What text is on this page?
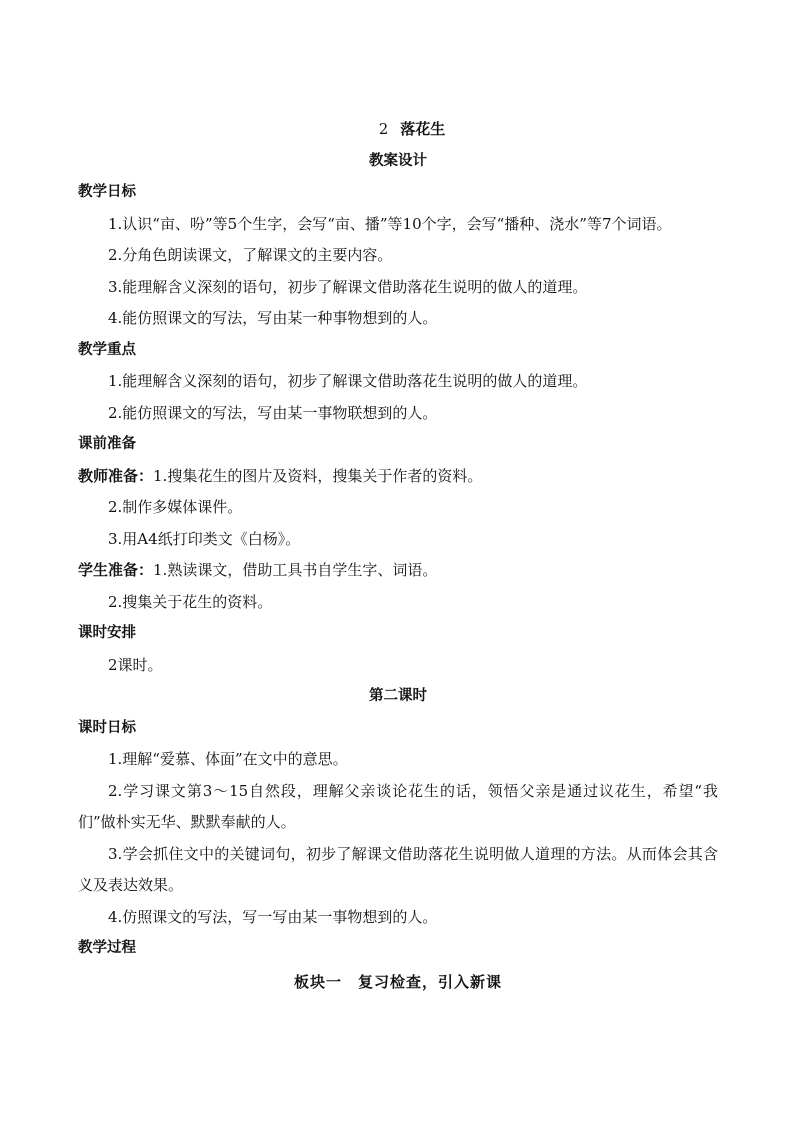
2 落花生
教案设计
教学日标
1.认识“亩、吩”等5个生字，会写“亩、播”等10个字，会写“播种、浇水”等7个词语。
2.分角色朗读课文，了解课文的主要内容。
3.能理解含义深刻的语句，初步了解课文借助落花生说明的做人的道理。
4.能仿照课文的写法，写由某一种事物想到的人。
教学重点
1.能理解含义深刻的语句，初步了解课文借助落花生说明的做人的道理。
2.能仿照课文的写法，写由某一事物联想到的人。
课前准备
教师准备：1.搜集花生的图片及资料，搜集关于作者的资料。
2.制作多媒体课件。
3.用A4纸打印类文《白杨》。
学生准备：1.熟读课文，借助工具书自学生字、词语。
2.搜集关于花生的资料。
课时安排
2课时。
第二课时
课时日标
1.理解“爱慕、体面”在文中的意思。
2.学习课文第3～15自然段，理解父亲谈论花生的话，领悟父亲是通过议花生，希望“我们”做朴实无华、默默奉献的人。
3.学会抓住文中的关键词句，初步了解课文借助落花生说明做人道理的方法。从而体会其含义及表达效果。
4.仿照课文的写法，写一写由某一事物想到的人。
教学过程
板块一　复习检查，引入新课
